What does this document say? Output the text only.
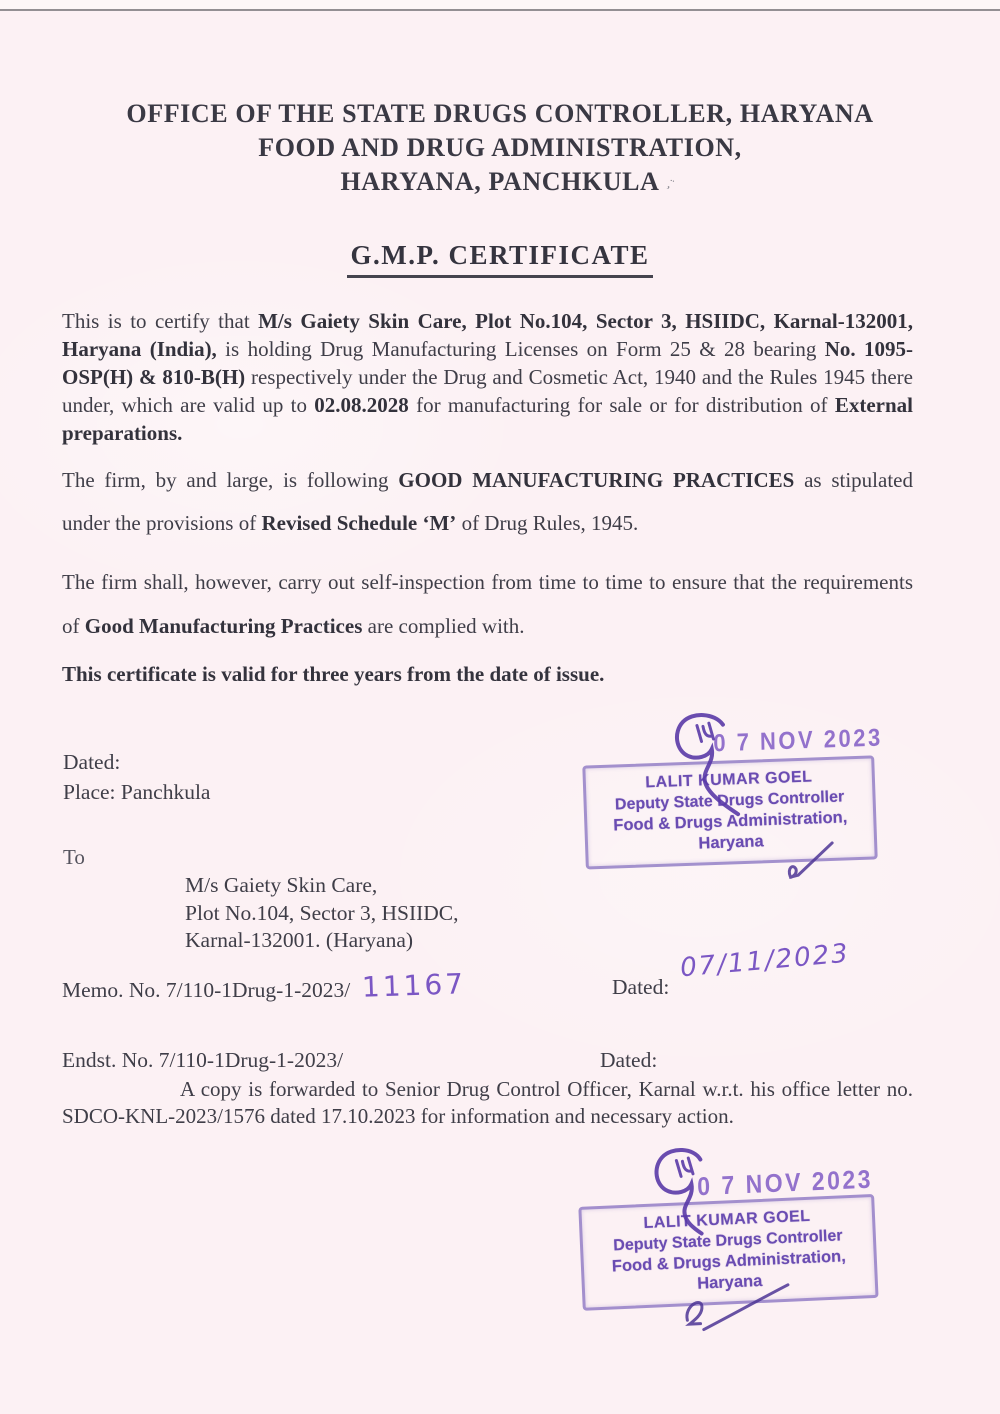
OFFICE OF THE STATE DRUGS CONTROLLER, HARYANA
FOOD AND DRUG ADMINISTRATION,
HARYANA, PANCHKULA ,̈
G.M.P. CERTIFICATE

This is to certify that M/s Gaiety Skin Care, Plot No.104, Sector 3, HSIIDC, Karnal-132001, Haryana (India), is holding Drug Manufacturing Licenses on Form 25 & 28 bearing No. 1095-OSP(H) & 810-B(H) respectively under the Drug and Cosmetic Act, 1940 and the Rules 1945 there under, which are valid up to 02.08.2028 for manufacturing for sale or for distribution of External preparations.

The firm, by and large, is following GOOD MANUFACTURING PRACTICES as stipulated under the provisions of Revised Schedule ‘M’ of Drug Rules, 1945.

The firm shall, however, carry out self-inspection from time to time to ensure that the requirements of Good Manufacturing Practices are complied with.

This certificate is valid for three years from the date of issue.

Dated:
Place: Panchkula
0 7 NOV 2023
LALIT KUMAR GOEL
Deputy State Drugs Controller
Food & Drugs Administration, Haryana
To
M/s Gaiety Skin Care,
Plot No.104, Sector 3, HSIIDC,
Karnal-132001. (Haryana)
Memo. No. 7/110-1Drug-1-2023/ 11167	Dated:
07/11/2023
Endst. No. 7/110-1Drug-1-2023/	Dated:

A copy is forwarded to Senior Drug Control Officer, Karnal w.r.t. his office letter no. SDCO-KNL-2023/1576 dated 17.10.2023 for information and necessary action.

0 7 NOV 2023
LALIT KUMAR GOEL
Deputy State Drugs Controller
Food & Drugs Administration, Haryana
